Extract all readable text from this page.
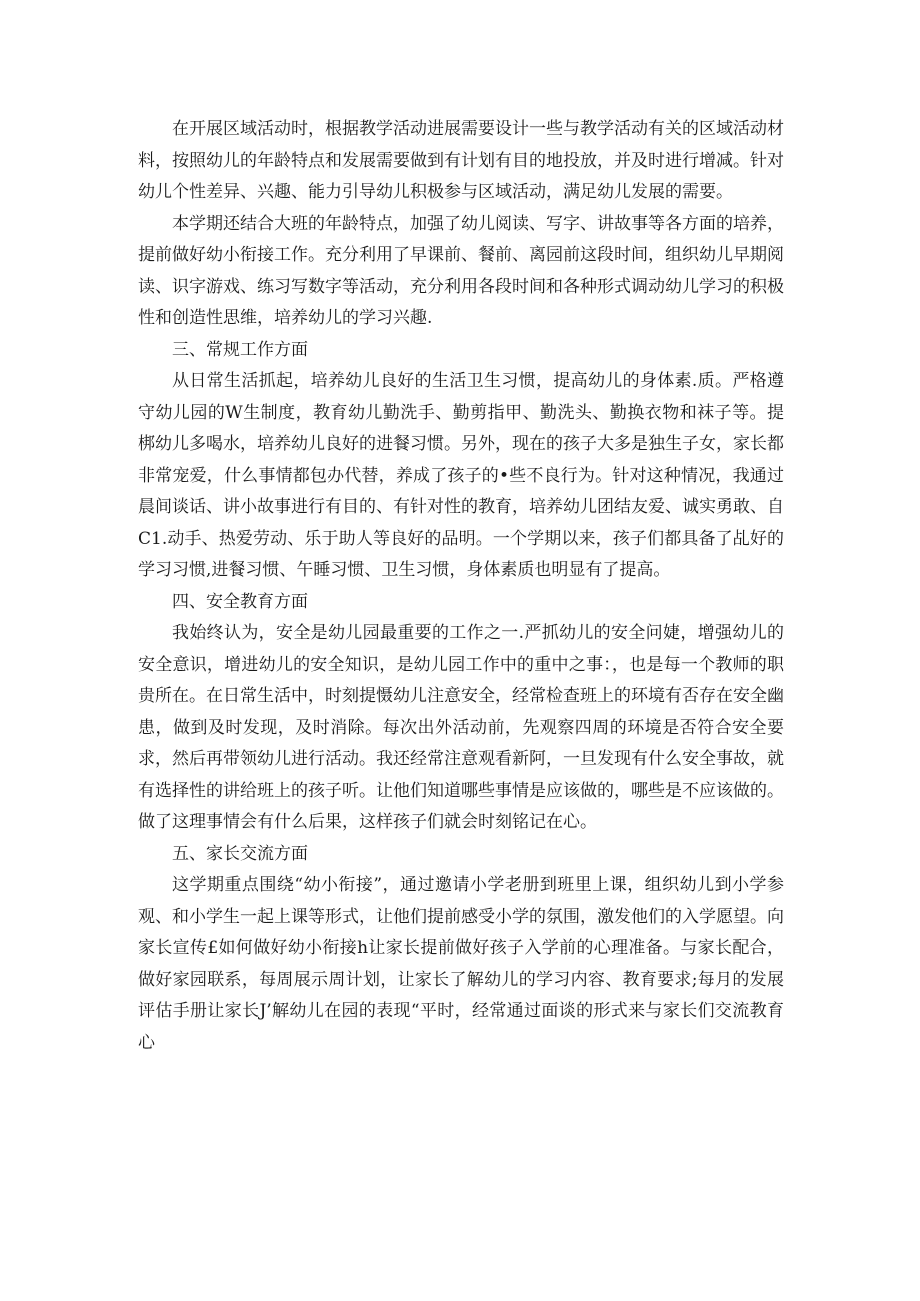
在开展区域活动时，根据教学活动进展需要设计一些与教学活动有关的区域活动材料，按照幼儿的年龄特点和发展需要做到有计划有目的地投放，并及时进行增减。针对幼儿个性差异、兴趣、能力引导幼儿积极参与区域活动，满足幼儿发展的需要。

本学期还结合大班的年龄特点，加强了幼儿阅读、写字、讲故事等各方面的培养，提前做好幼小衔接工作。充分利用了早课前、餐前、离园前这段时间，组织幼儿早期阅读、识字游戏、练习写数字等活动，充分利用各段时间和各种形式调动幼儿学习的积极性和创造性思维，培养幼儿的学习兴趣.

三、常规工作方面

从日常生活抓起，培养幼儿良好的生活卫生习惯，提高幼儿的身体素.质。严格遵守幼儿园的W生制度，教育幼儿勤洗手、勤剪指甲、勤洗头、勤换衣物和袜子等。提梆幼儿多喝水，培养幼儿良好的进餐习惯。另外，现在的孩子大多是独生子女，家长都非常宠爱，什么事情都包办代替，养成了孩子的•些不良行为。针对这种情况，我通过晨间谈话、讲小故事进行有目的、有针对性的教育，培养幼儿团结友爱、诚实勇敢、自C1.动手、热爱劳动、乐于助人等良好的品明。一个学期以来，孩子们都具备了乩好的学习习惯,进餐习惯、午睡习惯、卫生习惯，身体素质也明显有了提高。

四、安全教育方面

我始终认为，安全是幼儿园最重要的工作之一.严抓幼儿的安全问婕，增强幼儿的安全意识，增进幼儿的安全知识，是幼儿园工作中的重中之事：，也是每一个教师的职贵所在。在日常生活中，时刻提慑幼儿注意安全，经常检查班上的环境有否存在安全幽患，做到及时发现，及时消除。每次出外活动前，先观察四周的环境是否符合安全要求，然后再带领幼儿进行活动。我还经常注意观看新阿，一旦发现有什么安全事故，就有选择性的讲给班上的孩子听。让他们知道哪些事情是应该做的，哪些是不应该做的。做了这理事情会有什么后果，这样孩子们就会时刻铭记在心。

五、家长交流方面

这学期重点围绕“幼小衔接”，通过邀请小学老册到班里上课，组织幼儿到小学参观、和小学生一起上课等形式，让他们提前感受小学的氛围，激发他们的入学愿望。向家长宣传£如何做好幼小衔接h让家长提前做好孩子入学前的心理准备。与家长配合，做好家园联系，每周展示周计划，让家长了解幼儿的学习内容、教育要求;每月的发展评估手册让家长J’解幼儿在园的表现“平时，经常通过面谈的形式来与家长们交流教育心
